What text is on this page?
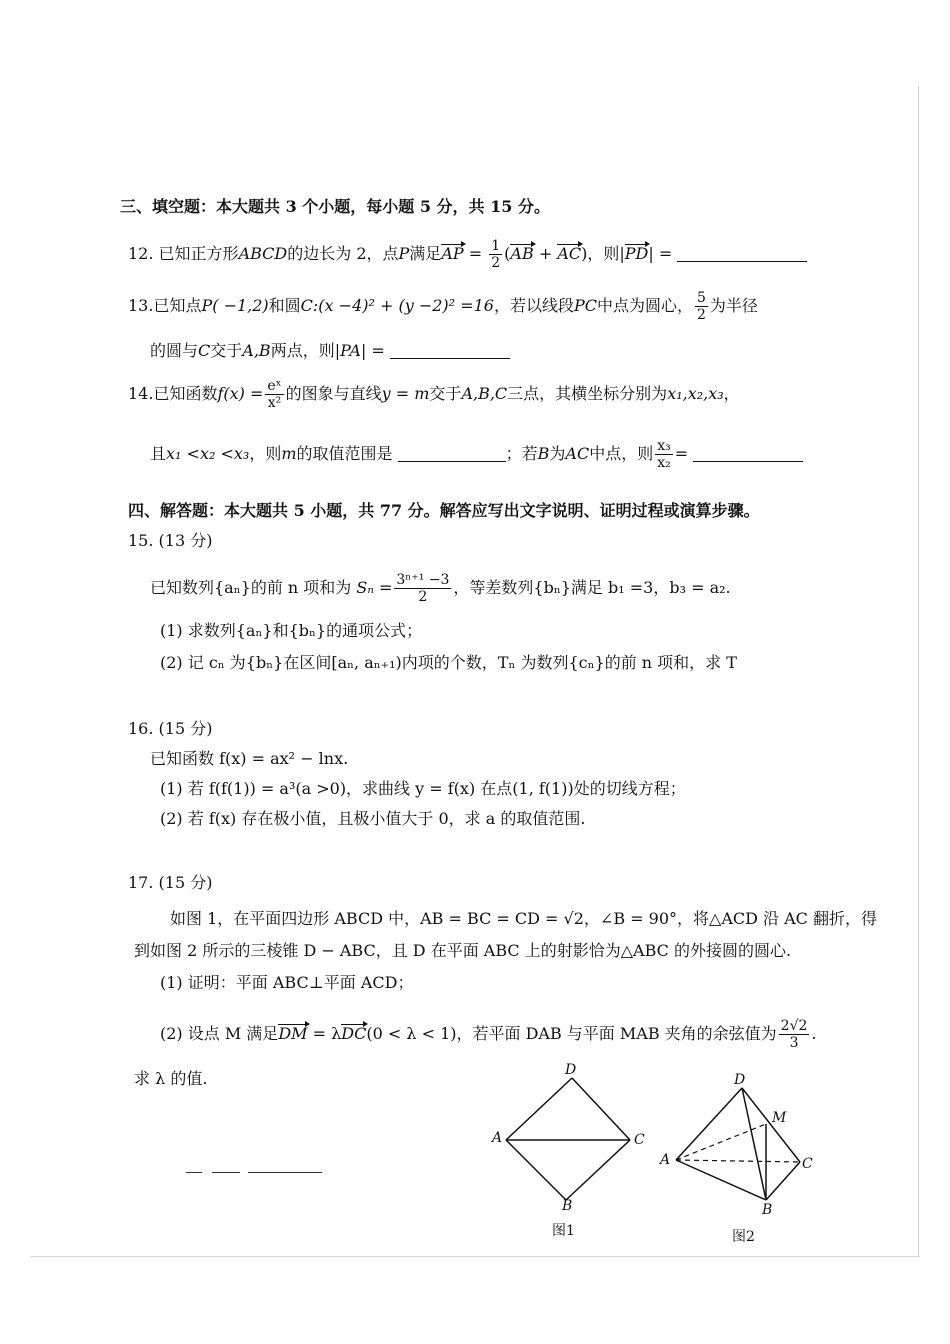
三、填空题：本大题共 3 个小题，每小题 5 分，共 15 分。
12. 已知正方形ABCD的边长为 2，点P满足AP = $\frac{1}{2} (AB + AC)$，则|PD| =
13.已知点P( −1,2)和圆C:(x −4)² + (y −2)² =16，若以线段PC中点为圆心， $\frac{5}{2}$ 为半径
的圆与C交于A,B两点，则|PA| =
14.已知函数$f(x) = \frac{\text{eˣ}}{\text{x²}}$ 的图象与直线y = m交于A,B,C三点，其横坐标分别为x₁,x₂,x₃，
且x₁ <x₂ <x₃，则m的取值范围是	；若B为AC中点，则 $\frac{\text{x₃}}{\text{x₂}}$ =
四、解答题：本大题共 5 小题，共 77 分。解答应写出文字说明、证明过程或演算步骤。
15. (13 分)
已知数列{aₙ}的前 n 项和为 $S_n = \frac{\text{3ⁿ⁺¹ −3}}{2}$ ，等差数列{bₙ}满足 b₁ =3，b₃ = a₂.
(1) 求数列{aₙ}和{bₙ}的通项公式；
(2) 记 cₙ 为{bₙ}在区间[aₙ, aₙ₊₁)内项的个数，Tₙ 为数列{cₙ}的前 n 项和，求 T
16. (15 分)
已知函数 f(x) = ax² − lnx.
(1) 若 f(f(1)) = a³(a >0)，求曲线 y = f(x) 在点(1, f(1))处的切线方程；
(2) 若 f(x) 存在极小值，且极小值大于 0，求 a 的取值范围.
17. (15 分)
如图 1，在平面四边形 ABCD 中，AB = BC = CD = √2，∠B = 90°，将△ACD 沿 AC 翻折，得
到如图 2 所示的三棱锥 D − ABC，且 D 在平面 ABC 上的射影恰为△ABC 的外接圆的圆心.
(1) 证明：平面 ABC⊥平面 ACD；
(2) 设点 M 满足DM = λDC(0 < λ < 1)，若平面 DAB 与平面 MAB 夹角的余弦值为 $\frac{2√2}{3}$ .
求 λ 的值.	D
A	C
B
图1
D
M
A	C
B
图2
